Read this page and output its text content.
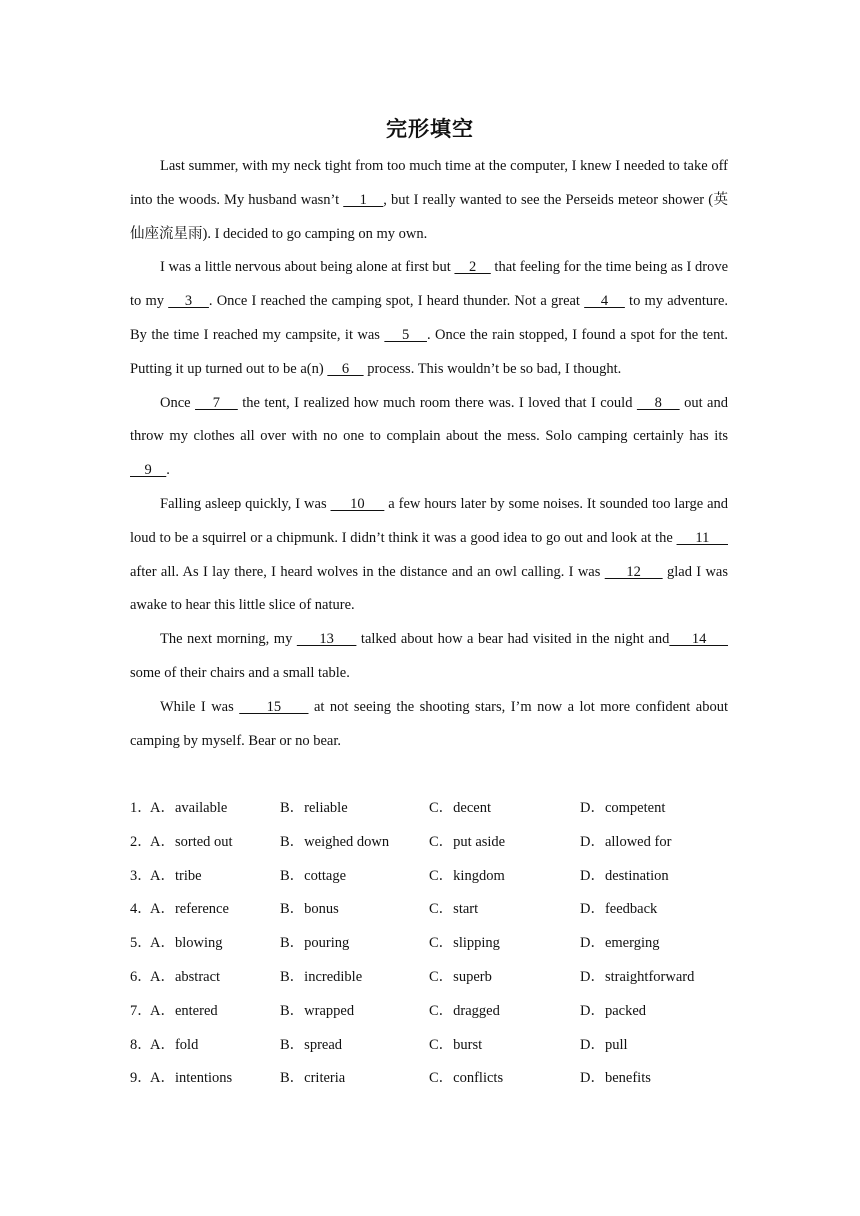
完形填空

Last summer, with my neck tight from too much time at the computer, I knew I needed to take off into the woods. My husband wasn’t     1    , but I really wanted to see the Perseids meteor shower (英仙座流星雨). I decided to go camping on my own.

I was a little nervous about being alone at first but     2     that feeling for the time being as I drove to my     3    . Once I reached the camping spot, I heard thunder. Not a great     4     to my adventure. By the time I reached my campsite, it was     5    . Once the rain stopped, I found a spot for the tent. Putting it up turned out to be a(n)     6     process. This wouldn’t be so bad, I thought.

Once     7     the tent, I realized how much room there was. I loved that I could     8     out and throw my clothes all over with no one to complain about the mess. Solo camping certainly has its     9    .

Falling asleep quickly, I was      10      a few hours later by some noises. It sounded too large and loud to be a squirrel or a chipmunk. I didn’t think it was a good idea to go out and look at the      11      after all. As I lay there, I heard wolves in the distance and an owl calling. I was      12      glad I was awake to hear this little slice of nature.

The next morning, my      13      talked about how a bear had visited in the night and     14      some of their chairs and a small table.

While I was      15      at not seeing the shooting stars, I’m now a lot more confident about camping by myself. Bear or no bear.

1．
A．available	B．reliable	C．decent	D．competent
2．
A．sorted out	B．weighed down	C．put aside	D．allowed for
3．
A．tribe	B．cottage	C．kingdom	D．destination
4．
A．reference	B．bonus	C．start	D．feedback
5．
A．blowing	B．pouring	C．slipping	D．emerging
6．
A．abstract	B．incredible	C．superb	D．straightforward
7．
A．entered	B．wrapped	C．dragged	D．packed
8．
A．fold	B．spread	C．burst	D．pull
9．
A．intentions	B．criteria	C．conflicts	D．benefits
